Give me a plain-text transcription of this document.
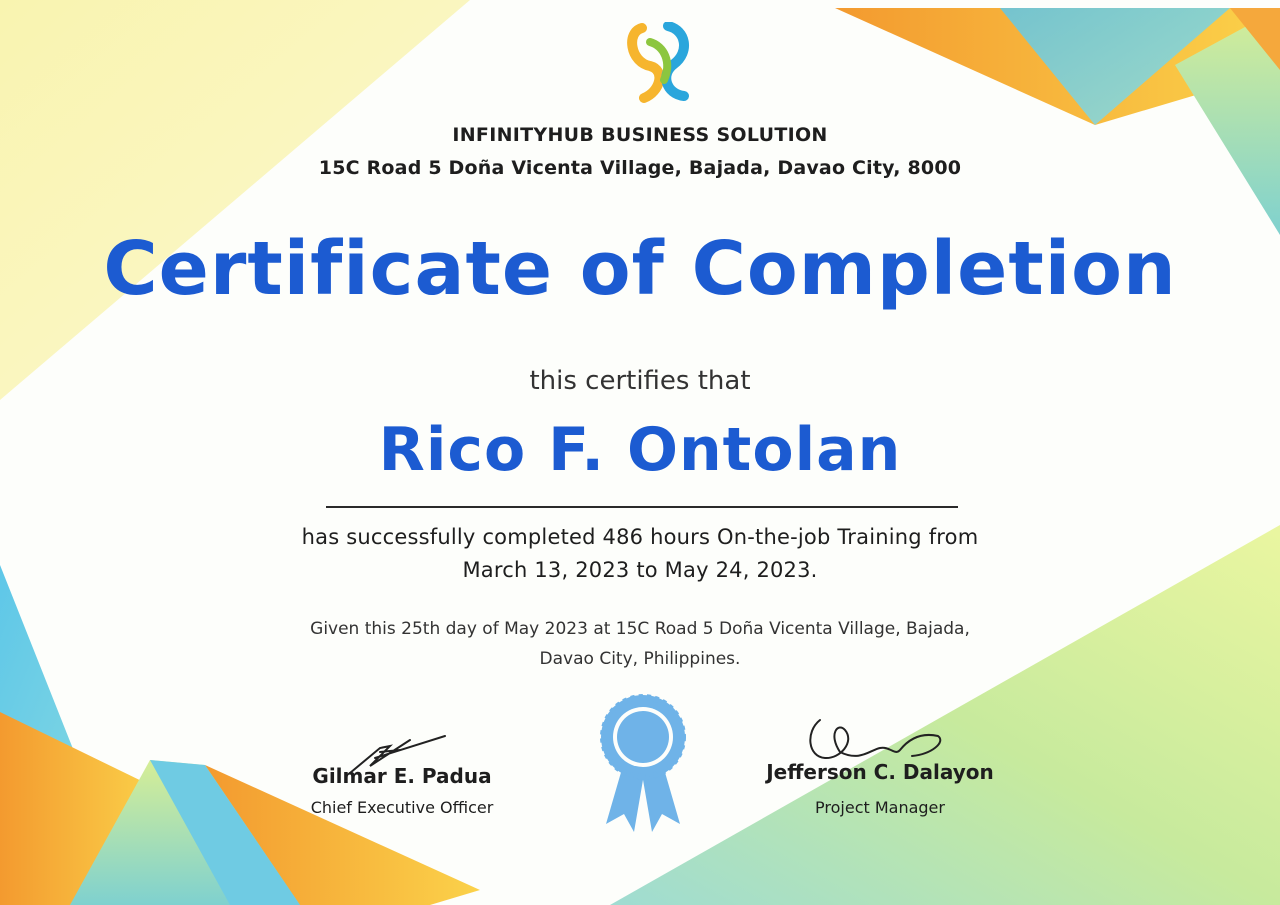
INFINITYHUB BUSINESS SOLUTION
15C Road 5 Doña Vicenta Village, Bajada, Davao City, 8000
Certificate of Completion
this certifies that
Rico F. Ontolan
has successfully completed 486 hours On-the-job Training from
March 13, 2023 to May 24, 2023.
Given this 25th day of May 2023 at 15C Road 5 Doña Vicenta Village, Bajada,
Davao City, Philippines.
Gilmar E. Padua
Chief Executive Officer
Jefferson C. Dalayon
Project Manager
